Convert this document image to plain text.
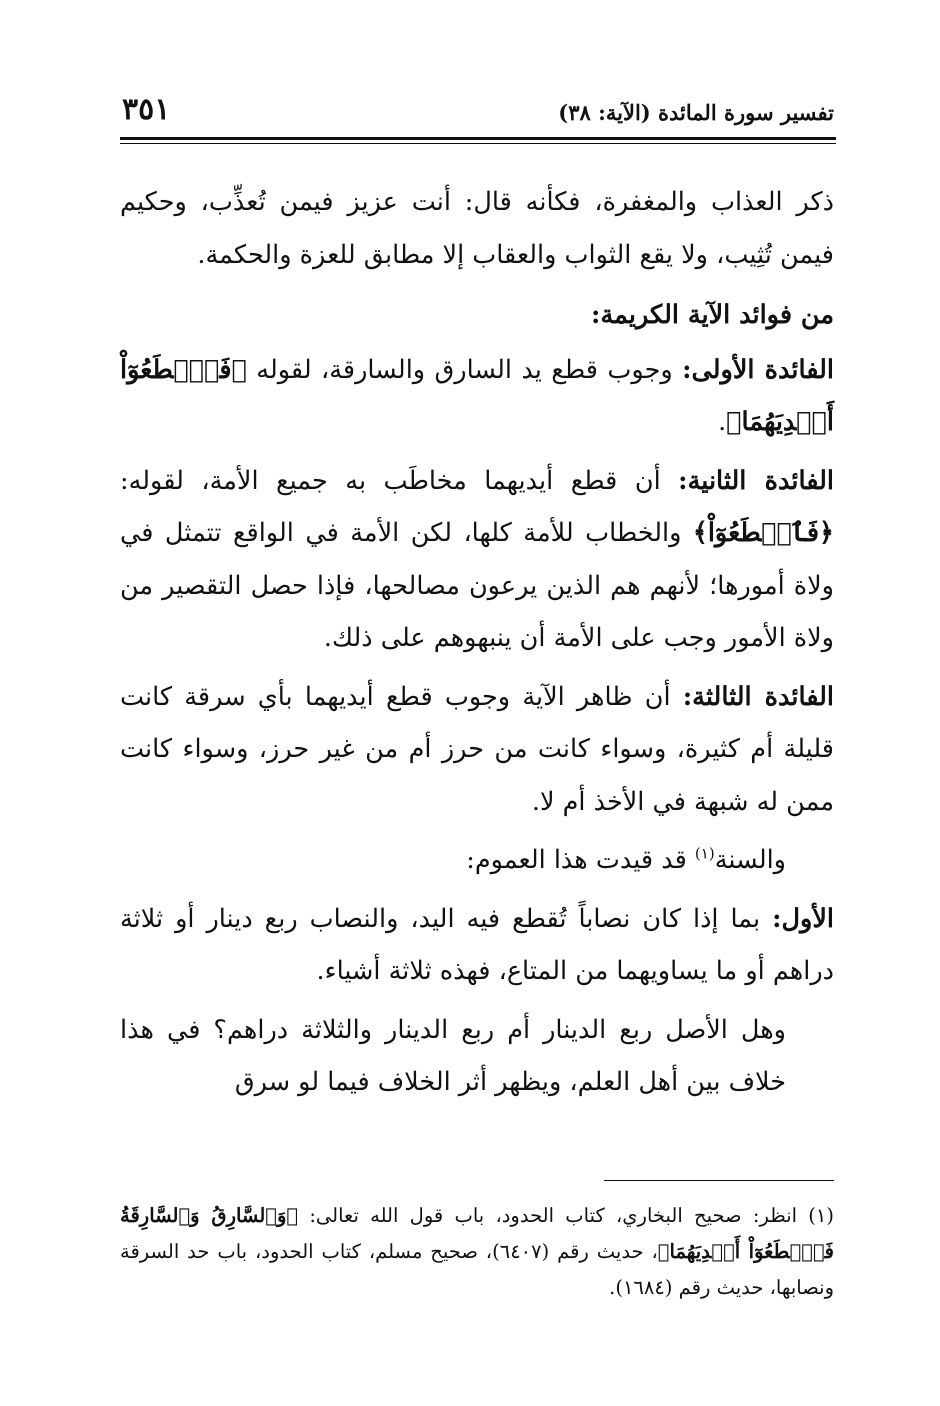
تفسير سورة المائدة (الآية: ٣٨)
٣٥١

ذكر العذاب والمغفرة، فكأنه قال: أنت عزيز فيمن تُعذِّب، وحكيم فيمن تُثِيب، ولا يقع الثواب والعقاب إلا مطابق للعزة والحكمة.

من فوائد الآية الكريمة:

الفائدة الأولى: وجوب قطع يد السارق والسارقة، لقوله ﴿فَٱقۡطَعُوٓاْ أَيۡدِيَهُمَا﴾.

الفائدة الثانية: أن قطع أيديهما مخاطَب به جميع الأمة، لقوله: ﴿فَٱقۡطَعُوٓاْ﴾ والخطاب للأمة كلها، لكن الأمة في الواقع تتمثل في ولاة أمورها؛ لأنهم هم الذين يرعون مصالحها، فإذا حصل التقصير من ولاة الأمور وجب على الأمة أن ينبهوهم على ذلك.

الفائدة الثالثة: أن ظاهر الآية وجوب قطع أيديهما بأي سرقة كانت قليلة أم كثيرة، وسواء كانت من حرز أم من غير حرز، وسواء كانت ممن له شبهة في الأخذ أم لا.

والسنة$^{(١)}$ قد قيدت هذا العموم:

الأول: بما إذا كان نصاباً تُقطع فيه اليد، والنصاب ربع دينار أو ثلاثة دراهم أو ما يساويهما من المتاع، فهذه ثلاثة أشياء.

وهل الأصل ربع الدينار أم ربع الدينار والثلاثة دراهم؟ في هذا خلاف بين أهل العلم، ويظهر أثر الخلاف فيما لو سرق

(١) انظر: صحيح البخاري، كتاب الحدود، باب قول الله تعالى: ﴿وَٱلسَّارِقُ وَٱلسَّارِقَةُ فَٱقۡطَعُوٓاْ أَيۡدِيَهُمَا﴾، حديث رقم (٦٤٠٧)، صحيح مسلم، كتاب الحدود، باب حد السرقة ونصابها، حديث رقم (١٦٨٤).
